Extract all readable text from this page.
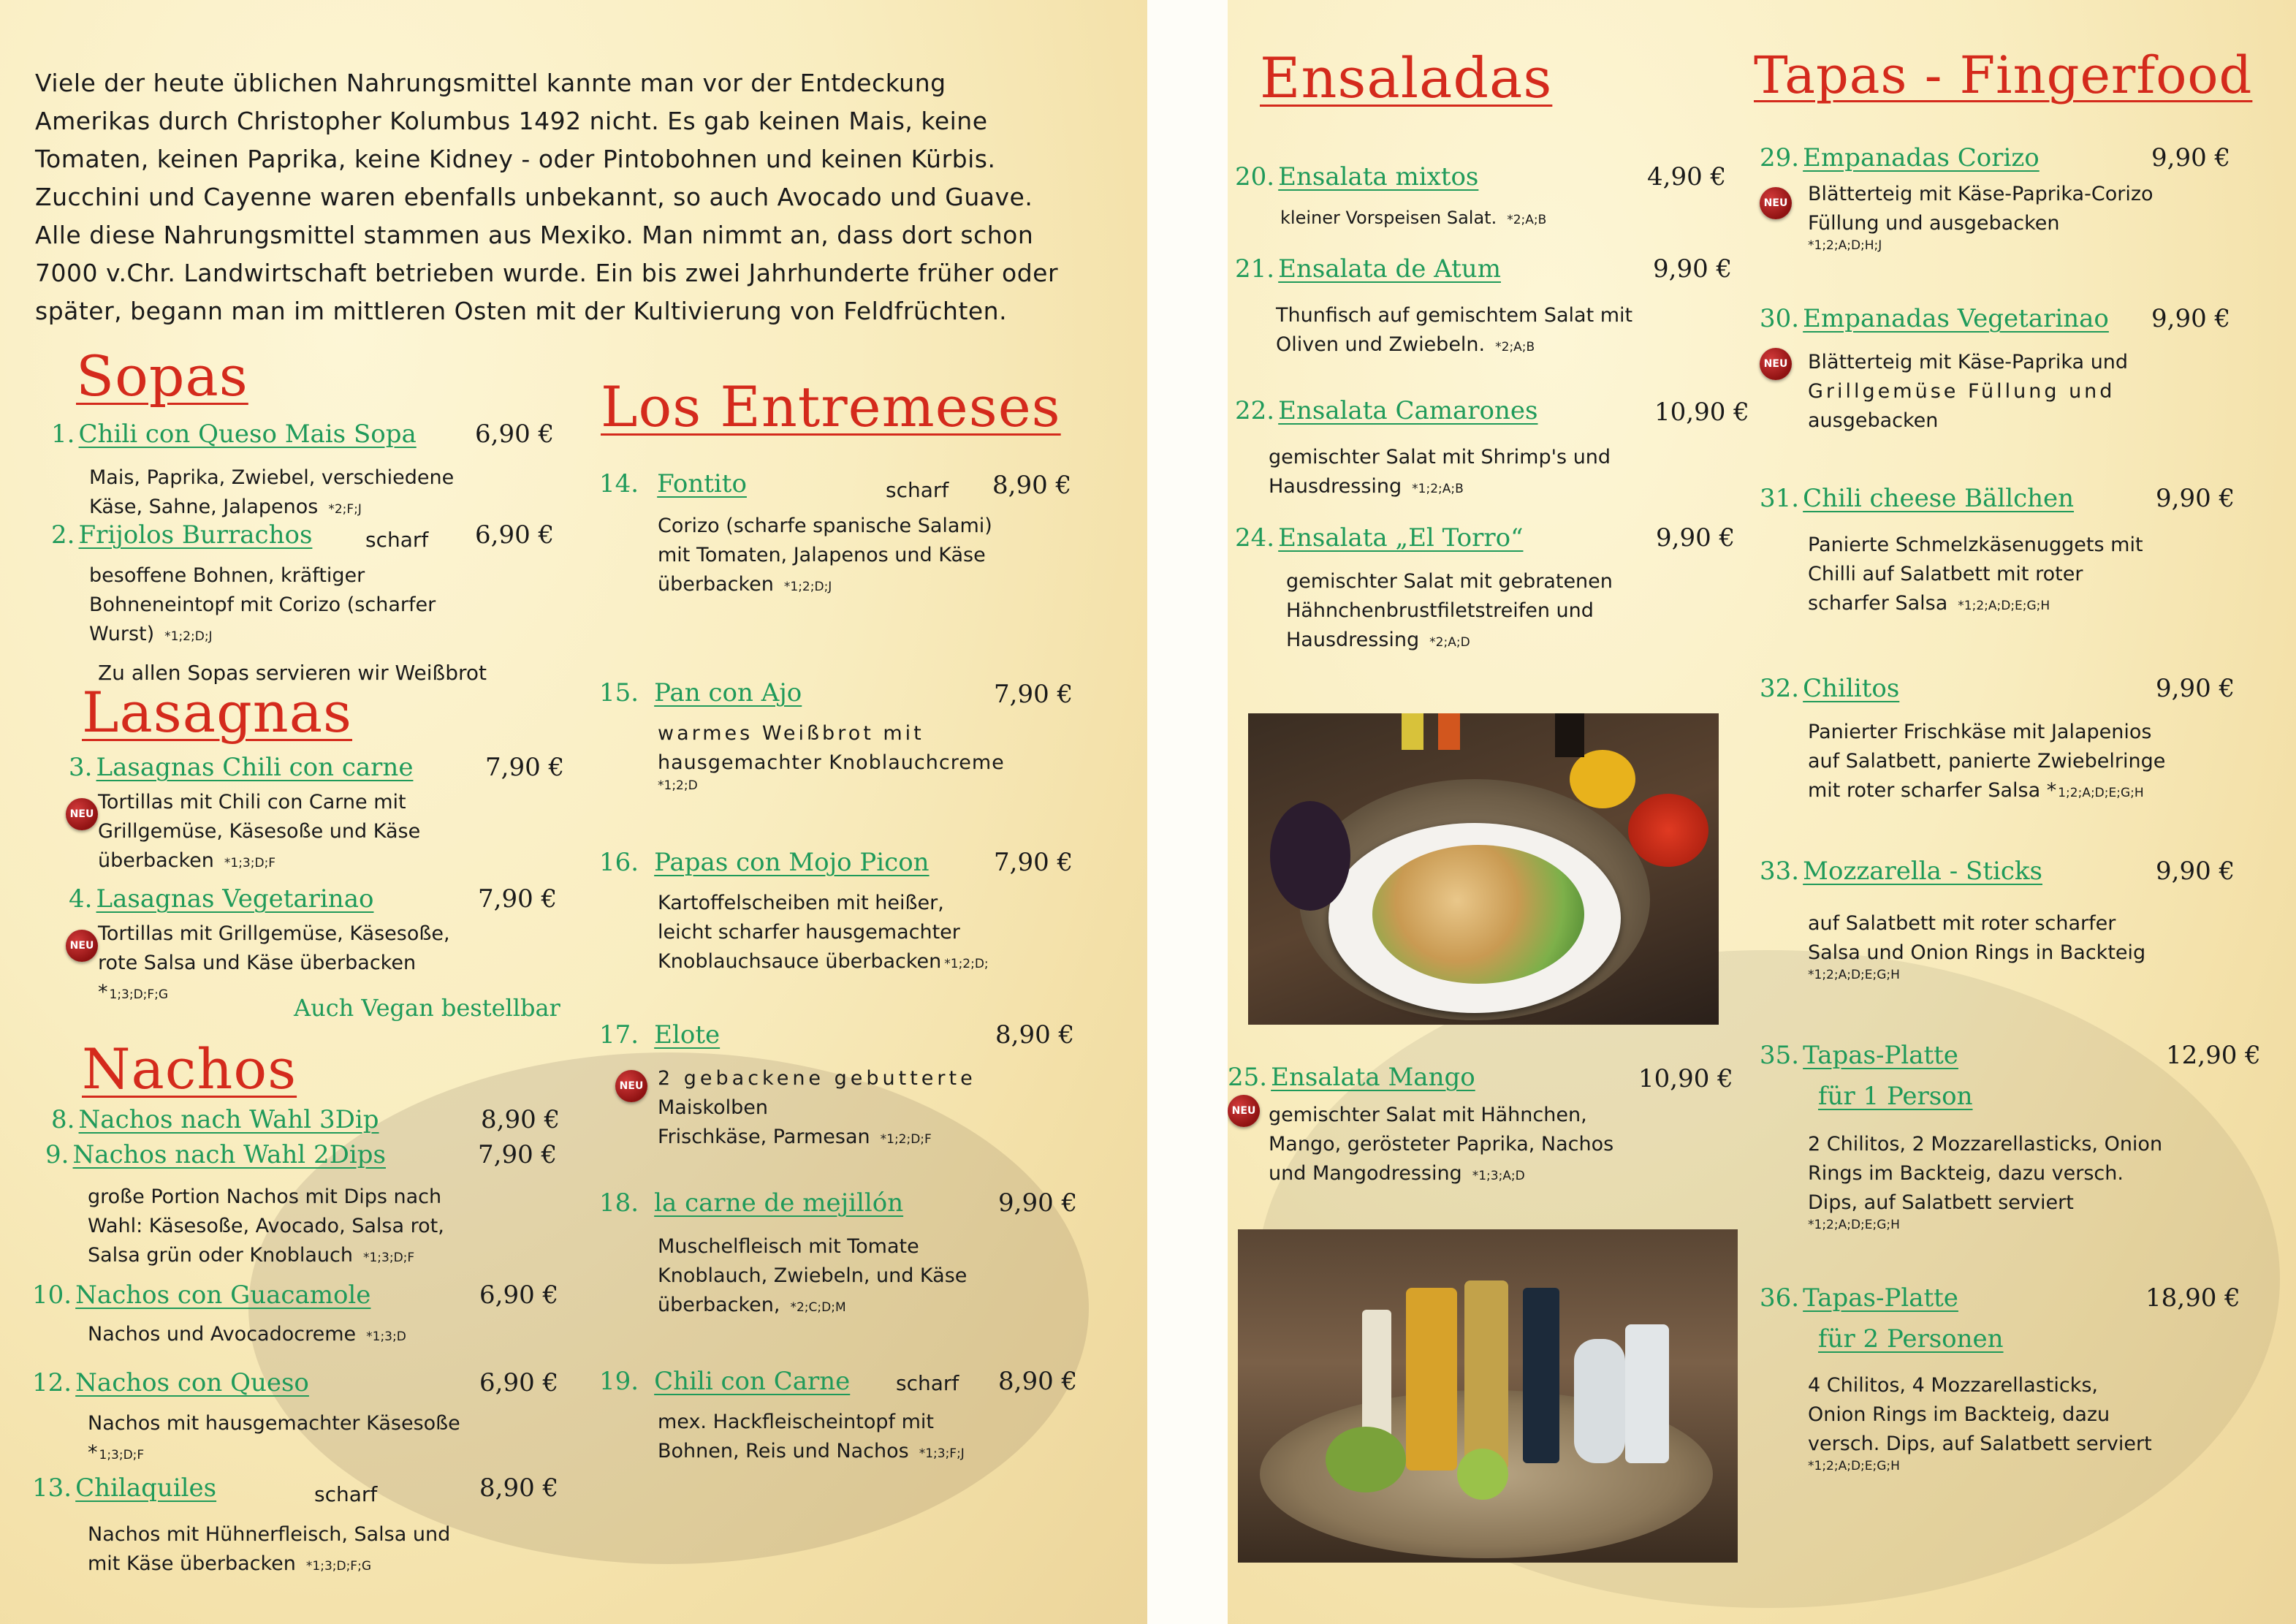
Viele der heute üblichen Nahrungsmittel kannte man vor der Entdeckung

Amerikas durch Christopher Kolumbus 1492 nicht. Es gab keinen Mais, keine

Tomaten, keinen Paprika, keine Kidney - oder Pintobohnen und keinen Kürbis.

Zucchini und Cayenne waren ebenfalls unbekannt, so auch Avocado und Guave.

Alle diese Nahrungsmittel stammen aus Mexiko. Man nimmt an, dass dort schon

7000 v.Chr. Landwirtschaft betrieben wurde. Ein bis zwei Jahrhunderte früher oder

später, begann man im mittleren Osten mit der Kultivierung von Feldfrüchten.

Sopas
1. Chili con Queso Mais Sopa 6,90 €
Mais, Paprika, Zwiebel, verschiedene
Käse, Sahne, Jalapenos *2;F;J
2. Frijolos Burrachos	scharf 6,90 €
besoffene Bohnen, kräftiger
Bohneneintopf mit Corizo (scharfer
Wurst) *1;2;D;J
Zu allen Sopas servieren wir Weißbrot
Lasagnas
3. Lasagnas Chili con carne	7,90 €
NEU
Tortillas mit Chili con Carne mit
Grillgemüse, Käsesoße und Käse
überbacken *1;3;D;F
4. Lasagnas Vegetarinao	7,90 €
NEU
Tortillas mit Grillgemüse, Käsesoße,
rote Salsa und Käse überbacken
* 1;3;D;F;G	Auch Vegan bestellbar
Nachos
8. Nachos nach Wahl 3Dip	8,90 €
9. Nachos nach Wahl 2Dips	7,90 €
große Portion Nachos mit Dips nach
Wahl: Käsesoße, Avocado, Salsa rot,
Salsa grün oder Knoblauch *1;3;D;F
10. Nachos con Guacamole	6,90 €
Nachos und Avocadocreme *1;3;D
12. Nachos con Queso	6,90 €
Nachos mit hausgemachter Käsesoße
* 1;3;D;F
13. Chilaquiles	scharf	8,90 €
Nachos mit Hühnerfleisch, Salsa und
mit Käse überbacken *1;3;D;F;G
Los Entremeses
14. Fontito	scharf 8,90 €
Corizo (scharfe spanische Salami)
mit Tomaten, Jalapenos und Käse
überbacken *1;2;D;J
15. Pan con Ajo	7,90 €
warmes Weißbrot mit
hausgemachter Knoblauchcreme
*1;2;D
16. Papas con Mojo Picon	7,90 €
Kartoffelscheiben mit heißer,
leicht scharfer hausgemachter
Knoblauchsauce überbacken *1;2;D;
17. Elote	8,90 €
NEU 2 gebackene gebutterte
Maiskolben
Frischkäse, Parmesan *1;2;D;F
18. la carne de mejillón	9,90 €
Muschelfleisch mit Tomate
Knoblauch, Zwiebeln, und Käse
überbacken, *2;C;D;M
19. Chili con Carne scharf 8,90 €
mex. Hackfleischeintopf mit
Bohnen, Reis und Nachos *1;3;F;J
Ensaladas	Tapas - Fingerfood
20. Ensalata mixtos	4,90 €
kleiner Vorspeisen Salat. *2;A;B
21. Ensalata de Atum	9,90 €
Thunfisch auf gemischtem Salat mit
Oliven und Zwiebeln. *2;A;B
22. Ensalata Camarones	10,90 €
gemischter Salat mit Shrimp's und
Hausdressing *1;2;A;B
24. Ensalata „El Torro“	9,90 €
gemischter Salat mit gebratenen
Hähnchenbrustfiletstreifen und
Hausdressing *2;A;D
25. Ensalata Mango	10,90 €
NEU gemischter Salat mit Hähnchen,
Mango, gerösteter Paprika, Nachos
und Mangodressing *1;3;A;D
29. Empanadas Corizo	9,90 €
NEU Blätterteig mit Käse-Paprika-Corizo
Füllung und ausgebacken
*1;2;A;D;H;J
30. Empanadas Vegetarinao 9,90 €
NEU Blätterteig mit Käse-Paprika und
Grillgemüse Füllung und
ausgebacken
31. Chili cheese Bällchen	9,90 €
Panierte Schmelzkäsenuggets mit
Chilli auf Salatbett mit roter
scharfer Salsa *1;2;A;D;E;G;H
32. Chilitos	9,90 €
Panierter Frischkäse mit Jalapenios
auf Salatbett, panierte Zwiebelringe
mit roter scharfer Salsa * 1;2;A;D;E;G;H
33. Mozzarella - Sticks	9,90 €
auf Salatbett mit roter scharfer
Salsa und Onion Rings in Backteig
*1;2;A;D;E;G;H
35. Tapas-Platte
für 1 Person
12,90 €
2 Chilitos, 2 Mozzarellasticks, Onion
Rings im Backteig, dazu versch.
Dips, auf Salatbett serviert
*1;2;A;D;E;G;H
36. Tapas-Platte
für 2 Personen
18,90 €
4 Chilitos, 4 Mozzarellasticks,
Onion Rings im Backteig, dazu
versch. Dips, auf Salatbett serviert
*1;2;A;D;E;G;H
